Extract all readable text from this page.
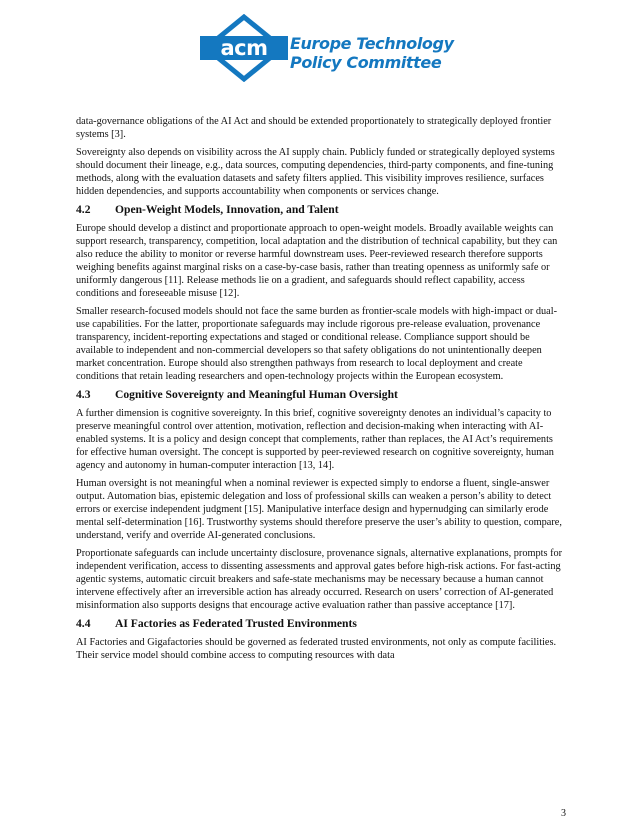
acm Europe Technology
Policy Committee

data-governance obligations of the AI Act and should be extended proportionately to strategically deployed frontier systems [3].

Sovereignty also depends on visibility across the AI supply chain. Publicly funded or strategically deployed systems should document their lineage, e.g., data sources, computing dependencies, third-party components, and fine-tuning methods, along with the evaluation datasets and safety filters applied. This visibility improves resilience, surfaces hidden dependencies, and supports accountability when components or services change.

4.2 Open-Weight Models, Innovation, and Talent

Europe should develop a distinct and proportionate approach to open-weight models. Broadly available weights can support research, transparency, competition, local adaptation and the distribution of technical capability, but they can also reduce the ability to monitor or reverse harmful downstream uses. Peer-reviewed research therefore supports weighing benefits against marginal risks on a case-by-case basis, rather than treating openness as uniformly safe or uniformly dangerous [11]. Release methods lie on a gradient, and safeguards should reflect capability, access conditions and foreseeable misuse [12].

Smaller research-focused models should not face the same burden as frontier-scale models with high-impact or dual-use capabilities. For the latter, proportionate safeguards may include rigorous pre-release evaluation, provenance transparency, incident-reporting expectations and staged or conditional release. Compliance support should be available to independent and non-commercial developers so that safety obligations do not unintentionally deepen market concentration. Europe should also strengthen pathways from research to local deployment and create conditions that retain leading researchers and open-technology projects within the European ecosystem.

4.3 Cognitive Sovereignty and Meaningful Human Oversight

A further dimension is cognitive sovereignty. In this brief, cognitive sovereignty denotes an individual’s capacity to preserve meaningful control over attention, motivation, reflection and decision-making when interacting with AI-enabled systems. It is a policy and design concept that complements, rather than replaces, the AI Act’s requirements for effective human oversight. The concept is supported by peer-reviewed research on cognitive sovereignty, human agency and autonomy in human-computer interaction [13, 14].

Human oversight is not meaningful when a nominal reviewer is expected simply to endorse a fluent, single-answer output. Automation bias, epistemic delegation and loss of professional skills can weaken a person’s ability to detect errors or exercise independent judgment [15]. Manipulative interface design and hypernudging can similarly erode mental self-determination [16]. Trustworthy systems should therefore preserve the user’s ability to question, compare, understand, verify and override AI-generated conclusions.

Proportionate safeguards can include uncertainty disclosure, provenance signals, alternative explanations, prompts for independent verification, access to dissenting assessments and approval gates before high-risk actions. For fast-acting agentic systems, automatic circuit breakers and safe-state mechanisms may be necessary because a human cannot intervene effectively after an irreversible action has already occurred. Research on users’ correction of AI-generated misinformation also supports designs that encourage active evaluation rather than passive acceptance [17].

4.4 AI Factories as Federated Trusted Environments

AI Factories and Gigafactories should be governed as federated trusted environments, not only as compute facilities. Their service model should combine access to computing resources with data

3
